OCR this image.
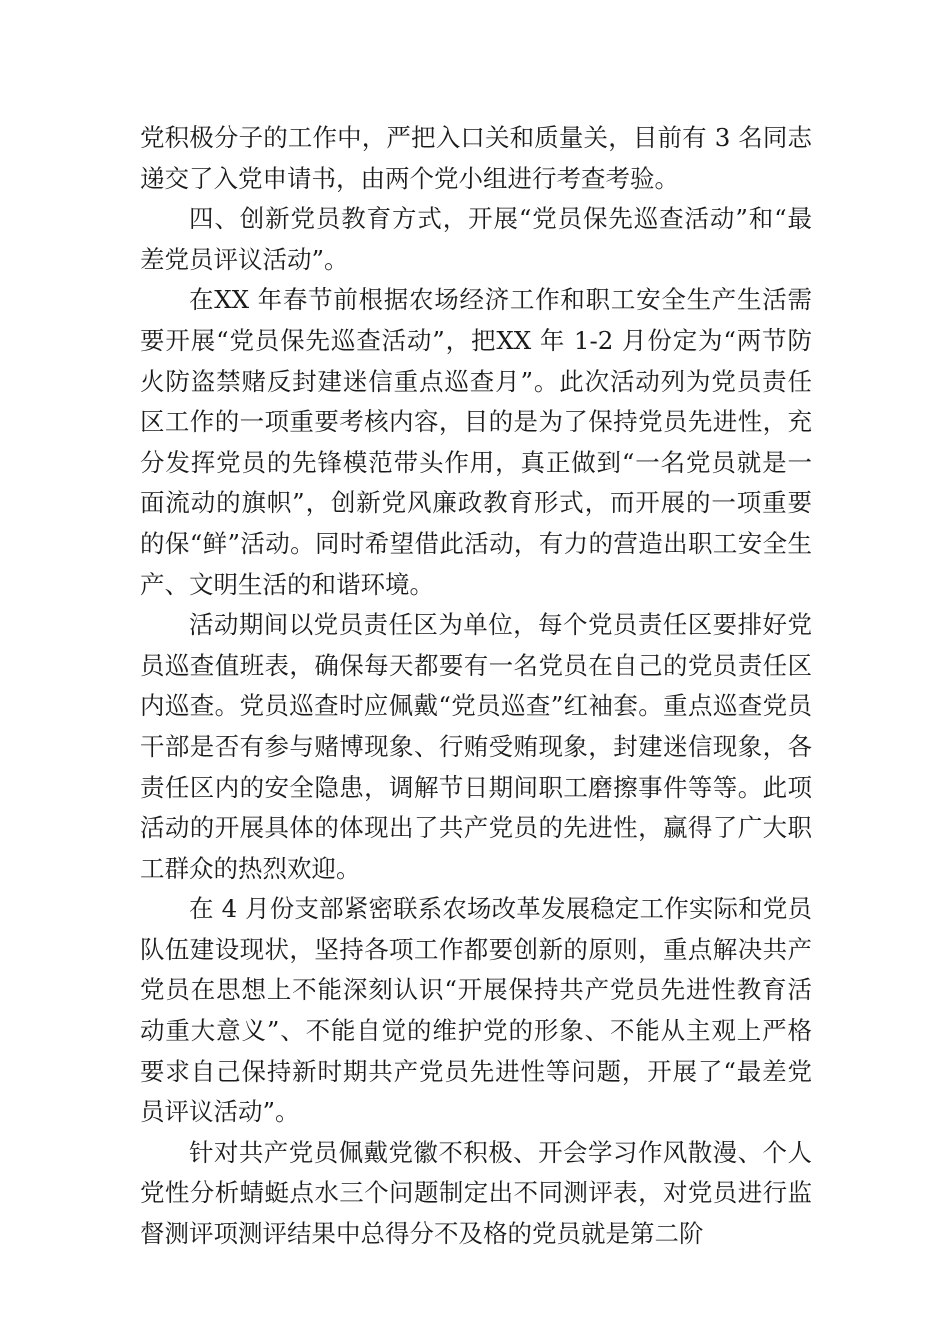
党积极分子的工作中，严把入口关和质量关，目前有 3 名同志递交了入党申请书，由两个党小组进行考查考验。

四、创新党员教育方式，开展“党员保先巡查活动”和“最差党员评议活动”。

在XX 年春节前根据农场经济工作和职工安全生产生活需要开展“党员保先巡查活动”，把XX 年 1-2 月份定为“两节防火防盗禁赌反封建迷信重点巡查月”。此次活动列为党员责任区工作的一项重要考核内容，目的是为了保持党员先进性，充分发挥党员的先锋模范带头作用，真正做到“一名党员就是一面流动的旗帜”，创新党风廉政教育形式，而开展的一项重要的保“鲜”活动。同时希望借此活动，有力的营造出职工安全生产、文明生活的和谐环境。

活动期间以党员责任区为单位，每个党员责任区要排好党员巡查值班表，确保每天都要有一名党员在自己的党员责任区内巡查。党员巡查时应佩戴“党员巡查”红袖套。重点巡查党员干部是否有参与赌博现象、行贿受贿现象，封建迷信现象，各责任区内的安全隐患，调解节日期间职工磨擦事件等等。此项活动的开展具体的体现出了共产党员的先进性，赢得了广大职工群众的热烈欢迎。

在 4 月份支部紧密联系农场改革发展稳定工作实际和党员队伍建设现状，坚持各项工作都要创新的原则，重点解决共产党员在思想上不能深刻认识“开展保持共产党员先进性教育活动重大意义”、不能自觉的维护党的形象、不能从主观上严格要求自己保持新时期共产党员先进性等问题，开展了“最差党员评议活动”。

针对共产党员佩戴党徽不积极、开会学习作风散漫、个人党性分析蜻蜓点水三个问题制定出不同测评表，对党员进行监督测评项测评结果中总得分不及格的党员就是第二阶
